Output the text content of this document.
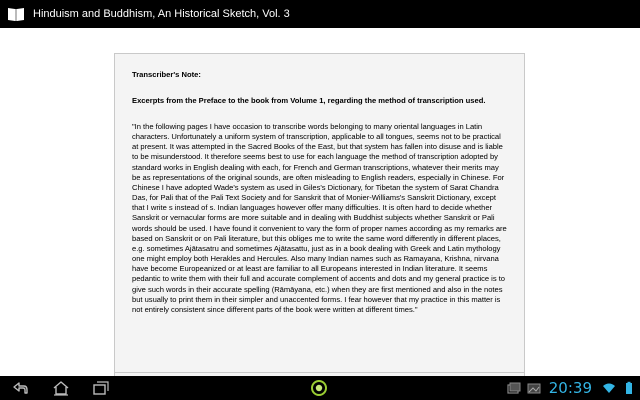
Hinduism and Buddhism, An Historical Sketch, Vol. 3
Transcriber's Note:
Excerpts from the Preface to the book from Volume 1, regarding the method of transcription used.
"In the following pages I have occasion to transcribe words belonging to many oriental languages in Latin characters. Unfortunately a uniform system of transcription, applicable to all tongues, seems not to be practical at present. It was attempted in the Sacred Books of the East, but that system has fallen into disuse and is liable to be misunderstood. It therefore seems best to use for each language the method of transcription adopted by standard works in English dealing with each, for French and German transcriptions, whatever their merits may be as representations of the original sounds, are often misleading to English readers, especially in Chinese. For Chinese I have adopted Wade's system as used in Giles's Dictionary, for Tibetan the system of Sarat Chandra Das, for Pali that of the Pali Text Society and for Sanskrit that of Monier-Williams's Sanskrit Dictionary, except that I write s instead of s. Indian languages however offer many difficulties. It is often hard to decide whether Sanskrit or vernacular forms are more suitable and in dealing with Buddhist subjects whether Sanskrit or Pali words should be used. I have found it convenient to vary the form of proper names according as my remarks are based on Sanskrit or on Pali literature, but this obliges me to write the same word differently in different places, e.g. sometimes Ajātasatru and sometimes Ajātasattu, just as in a book dealing with Greek and Latin mythology one might employ both Herakles and Hercules. Also many Indian names such as Ramayana, Krishna, nirvana have become Europeanized or at least are familiar to all Europeans interested in Indian literature. It seems pedantic to write them with their full and accurate complement of accents and dots and my general practice is to give such words in their accurate spelling (Rāmāyana, etc.) when they are first mentioned and also in the notes but usually to print them in their simpler and unaccented forms. I fear however that my practice in this matter is not entirely consistent since different parts of the book were written at different times."
20:39
